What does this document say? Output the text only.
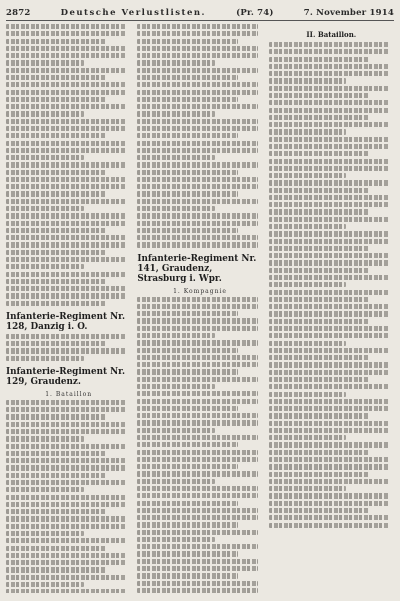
2872	Deutsche Verlustlisten.	(Pr. 74)	7. November 1914
Infanterie-Regiment Nr. 128, Danzig i. O.
Infanterie-Regiment Nr. 129, Graudenz.
1. Bataillon
Infanterie-Regiment Nr. 141, Graudenz, Strasburg i. Wpr.
1. Kompagnie
II. Bataillon.
